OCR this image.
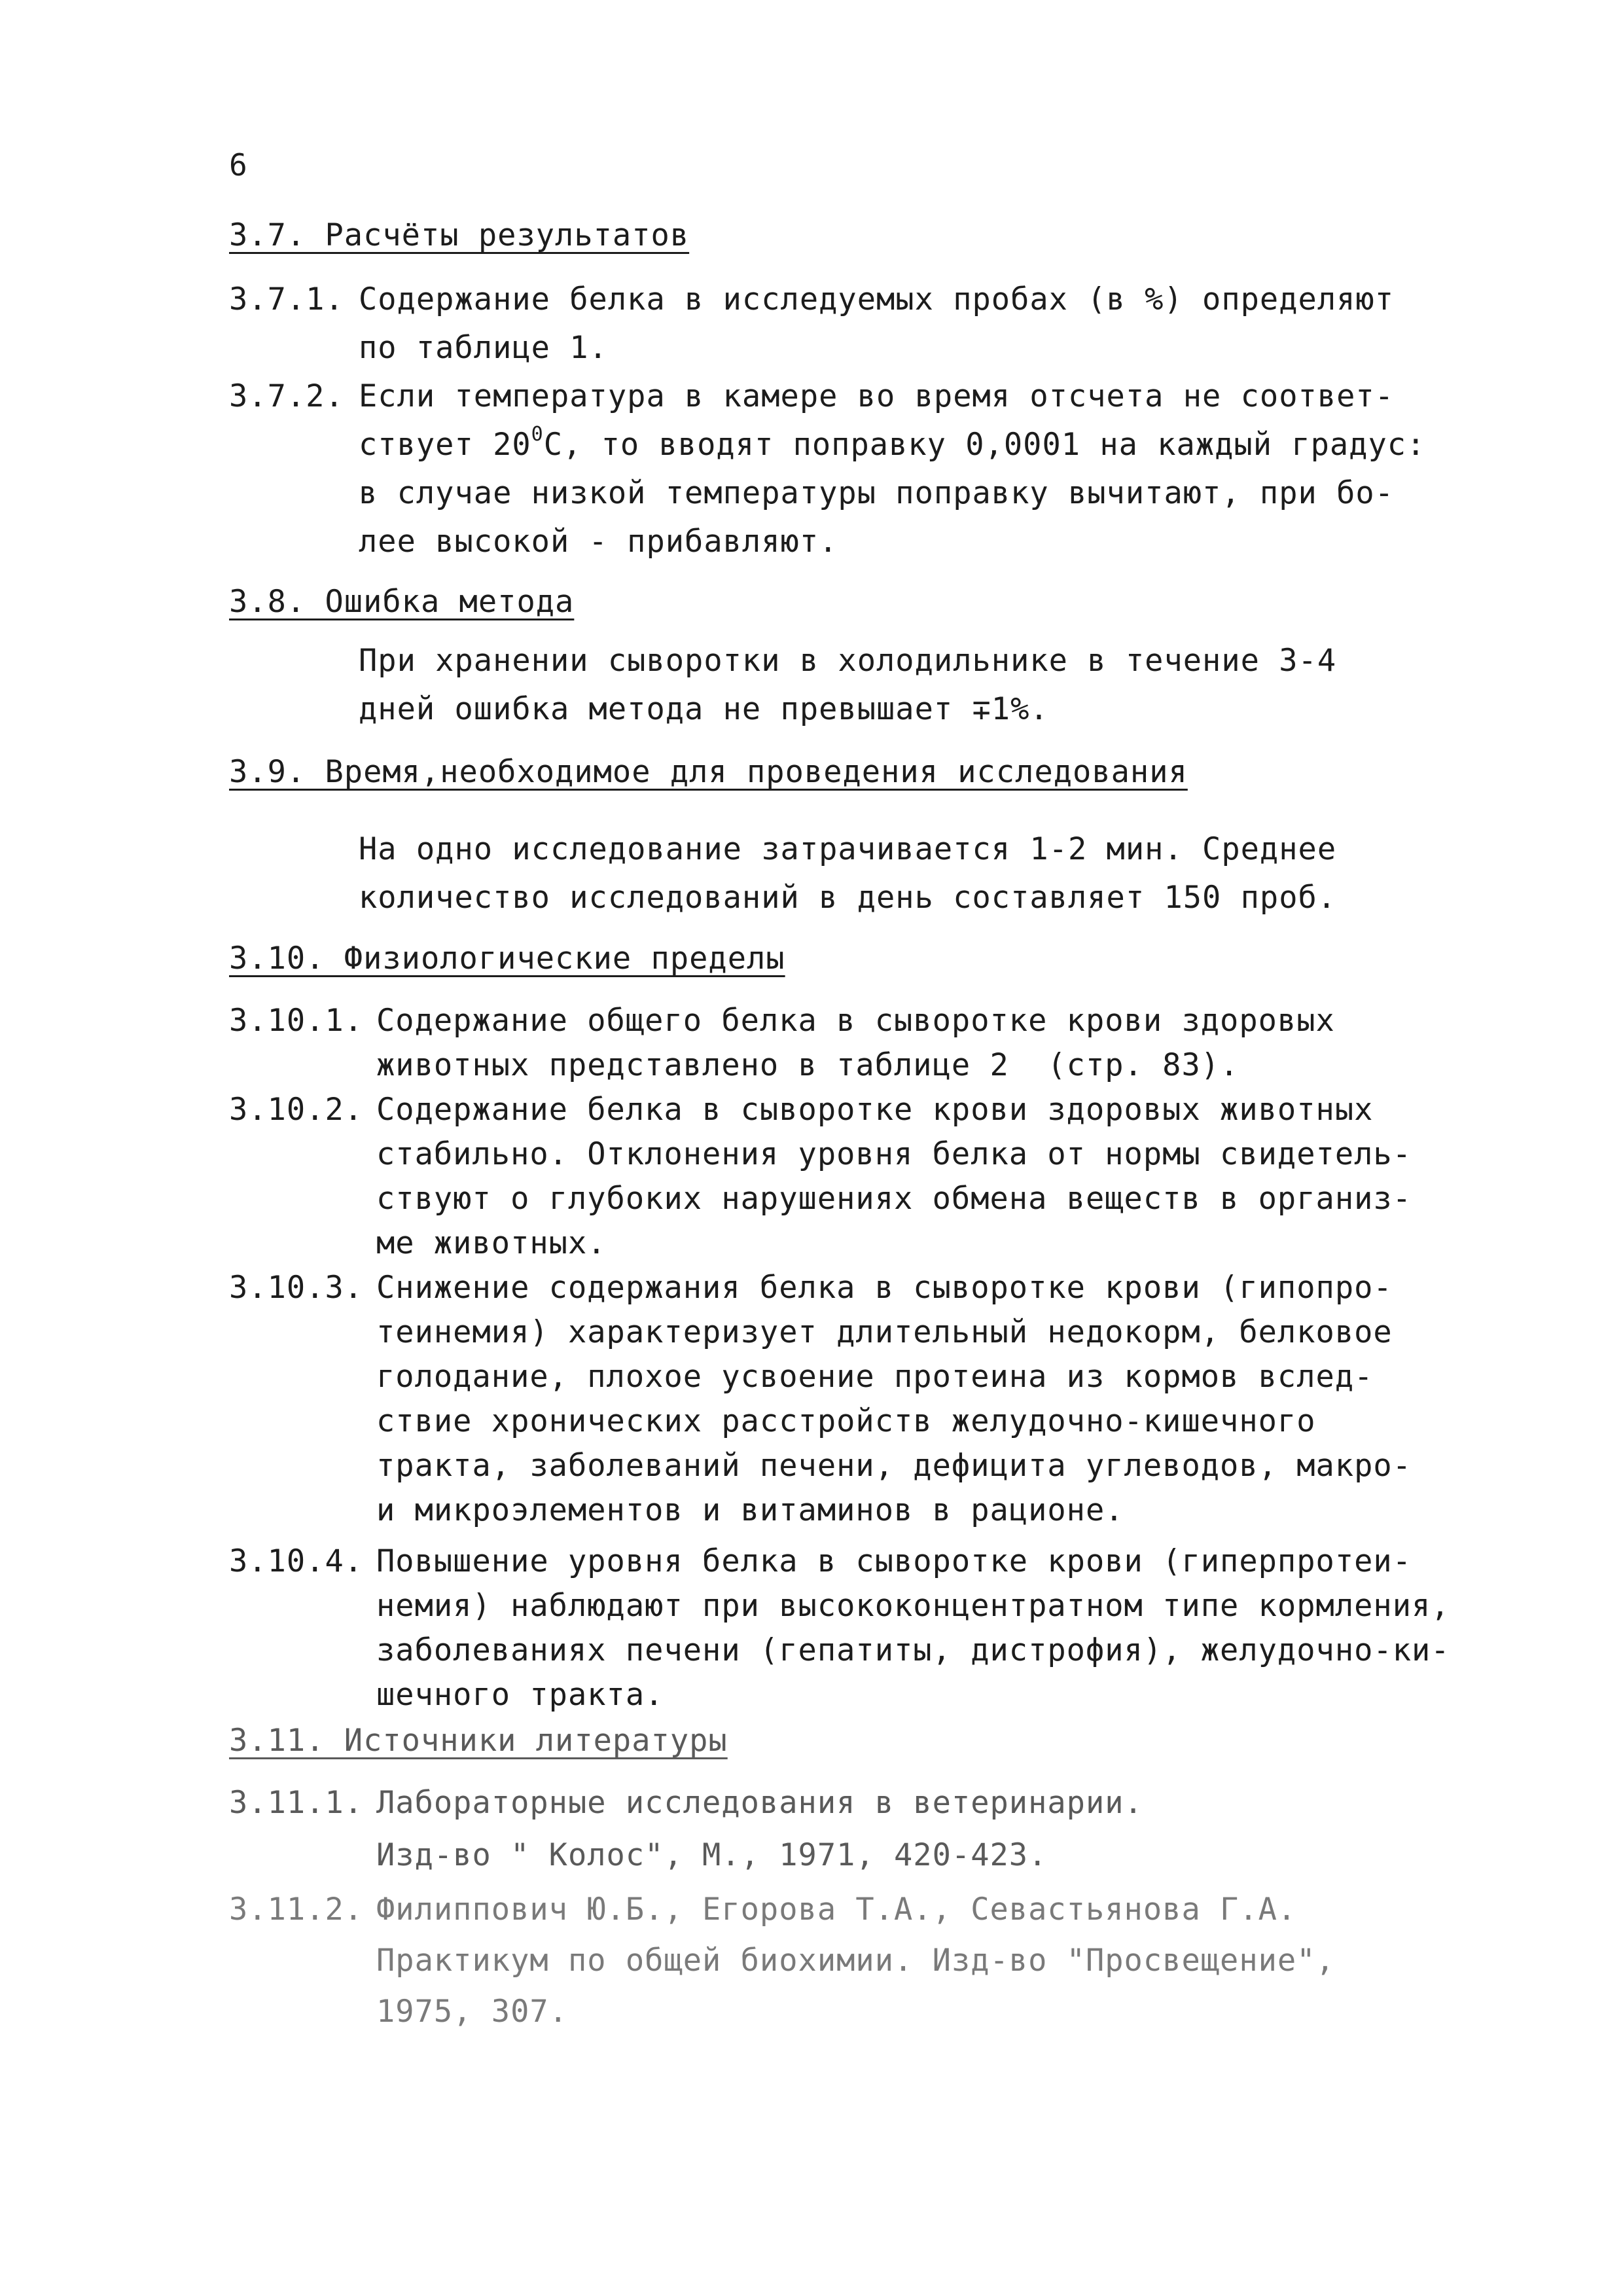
6
3.7. Расчёты результатов
3.7.1. Содержание белка в исследуемых пробах (в %) определяют
по таблице 1.
3.7.2. Если температура в камере во время отсчета не соответ-
ствует $20^0С$, то вводят поправку 0,0001 на каждый градус:
в случае низкой температуры поправку вычитают, при бо-
лее высокой - прибавляют.
3.8. Ошибка метода
При хранении сыворотки в холодильнике в течение 3-4
дней ошибка метода не превышает ∓1%.
3.9. Время,необходимое для проведения исследования
На одно исследование затрачивается 1-2 мин. Среднее
количество исследований в день составляет 150 проб.
3.10. Физиологические пределы
3.10.1. Содержание общего белка в сыворотке крови здоровых
животных представлено в таблице 2  (стр. 83).
3.10.2. Содержание белка в сыворотке крови здоровых животных
стабильно. Отклонения уровня белка от нормы свидетель-
ствуют о глубоких нарушениях обмена веществ в организ-
ме животных.
3.10.3. Снижение содержания белка в сыворотке крови (гипопро-
теинемия) характеризует длительный недокорм, белковое
голодание, плохое усвоение протеина из кормов вслед-
ствие хронических расстройств желудочно-кишечного
тракта, заболеваний печени, дефицита углеводов, макро-
и микроэлементов и витаминов в рационе.
3.10.4. Повышение уровня белка в сыворотке крови (гиперпротеи-
немия) наблюдают при высококонцентратном типе кормления,
заболеваниях печени (гепатиты, дистрофия), желудочно-ки-
шечного тракта.
3.11. Источники литературы
3.11.1. Лабораторные исследования в ветеринарии.
Изд-во " Колос", М., 1971, 420-423.
3.11.2. Филиппович Ю.Б., Егорова Т.А., Севастьянова Г.А.
Практикум по общей биохимии. Изд-во "Просвещение",
1975, 307.
